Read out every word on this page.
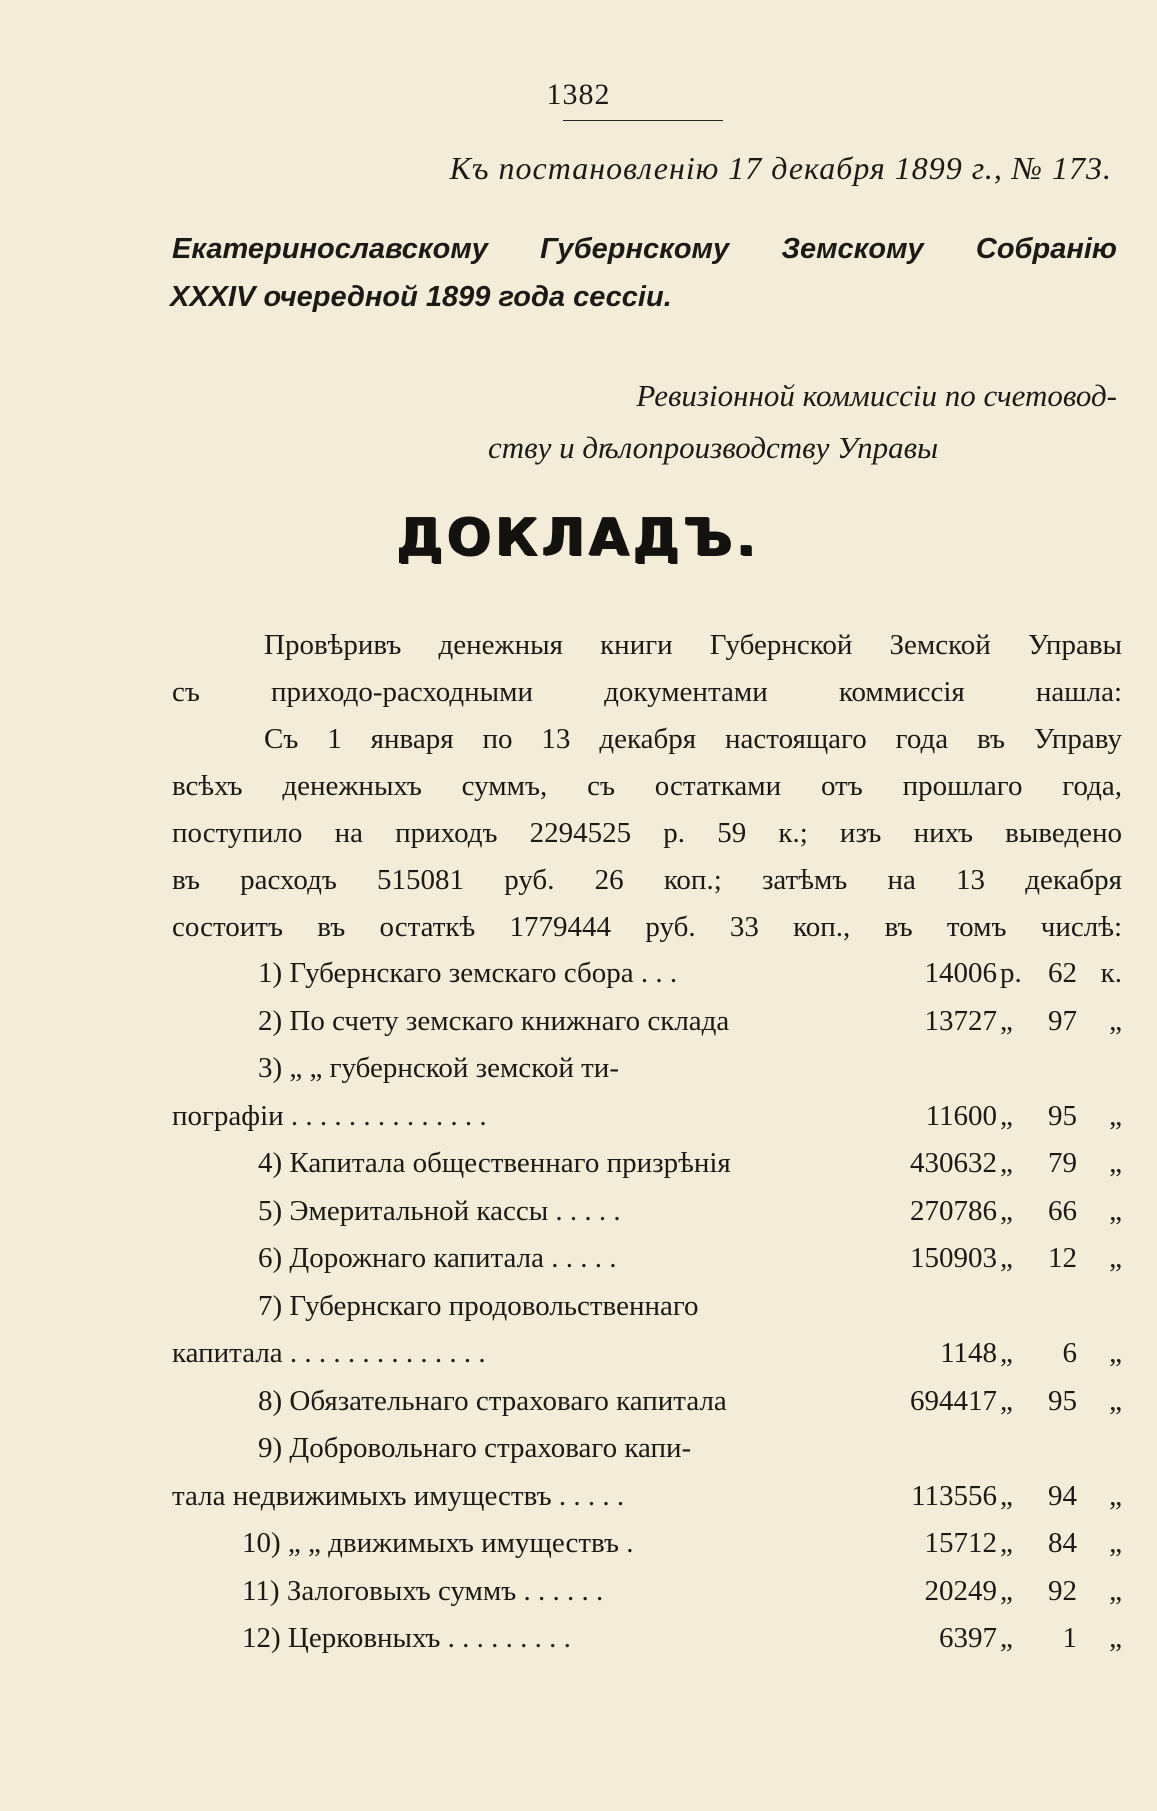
1382
Къ постановленію 17 декабря 1899 г., № 173.
Екатеринославскому Губернскому Земскому Собранію
XXXIV очередной 1899 года сессіи.
Ревизіонной коммиссіи по счетовод-
ству и дѣлопроизводству Управы
ДОКЛАДЪ.

Провѣривъ денежныя книги Губернской Земской Управы
съ приходо-расходными документами коммиссія нашла:

Съ 1 января по 13 декабря настоящаго года въ Управу
всѣхъ денежныхъ суммъ, съ остатками отъ прошлаго года,
поступило на приходъ 2294525 р. 59 к.; изъ нихъ выведено
въ расходъ 515081 руб. 26 коп.; затѣмъ на 13 декабря
состоитъ въ остаткѣ 1779444 руб. 33 коп., въ томъ числѣ:

1) Губернскаго земскаго сбора . . .	14006 р. 62 к.
2) По счету земскаго книжнаго склада	13727 „ 97 „
3) „ „ губернской земской ти-
пографіи . . . . . . . . . . . . . .	11600 „ 95 „
4) Капитала общественнаго призрѣнія	430632 „ 79 „
5) Эмеритальной кассы . . . . .	270786 „ 66 „
6) Дорожнаго капитала . . . . .	150903 „ 12 „
7) Губернскаго продовольственнаго
капитала . . . . . . . . . . . . . .	1148 „ 6 „
8) Обязательнаго страховаго капитала	694417 „ 95 „
9) Добровольнаго страховаго капи-
тала недвижимыхъ имуществъ . . . . .	113556 „ 94 „
10) „ „ движимыхъ имуществъ .	15712 „ 84 „
11) Залоговыхъ суммъ . . . . . .	20249 „ 92 „
12) Церковныхъ . . . . . . . . .	6397 „ 1 „
